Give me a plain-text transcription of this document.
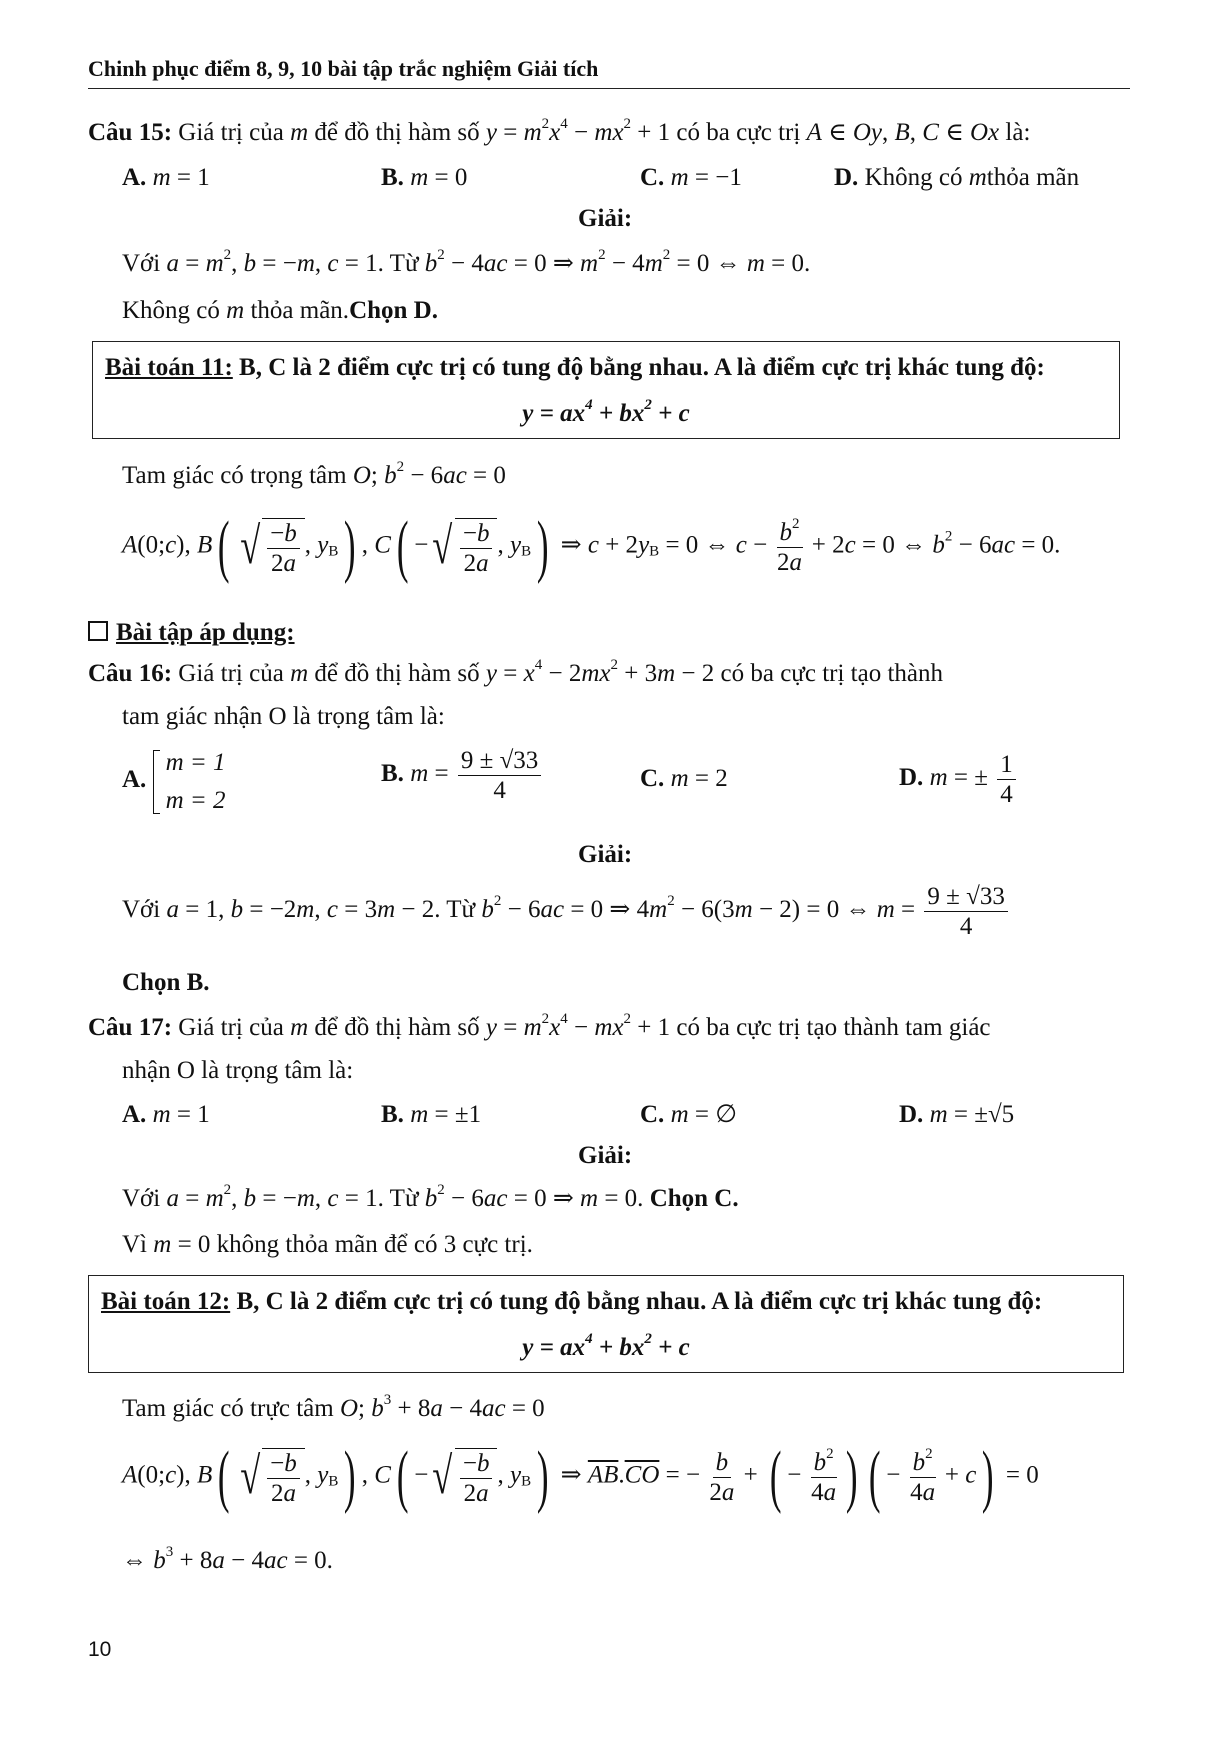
Chinh phục điểm 8, 9, 10 bài tập trắc nghiệm Giải tích
Câu 15: Giá trị của m để đồ thị hàm số $y = m^2x^4 - mx^2 + 1$ có ba cực trị A ∈ Oy, B, C ∈ Ox là:
A. m = 1	B. m = 0	C. m = −1	D. Không có mthỏa mãn
Giải:
Với $a = m^2$, b = −m, c = 1. Từ $b^2 - 4ac = 0$ ⇒ $m^2 - 4m^2 = 0$ ⇔ m = 0.
Không có m thỏa mãn.Chọn D.
Bài toán 11: B, C là 2 điểm cực trị có tung độ bằng nhau. A là điểm cực trị khác tung độ:
$y = ax^4 + bx^2 + c$
Tam giác có trọng tâm O; $b^2 - 6ac = 0$
A(0;c), B( √ $\frac{-b}{2a}$ , $y_B$) , C( − √ $\frac{-b}{2a}$ , $y_B$) ⇒ $c + 2y_B = 0$ ⇔ $c - \frac{b^2}{2a} + 2c = 0$ ⇔ $b^2 - 6ac = 0$.
Bài tập áp dụng:
Câu 16: Giá trị của m để đồ thị hàm số $y = x^4 - 2mx^2 + 3m - 2$ có ba cực trị tạo thành
tam giác nhận O là trọng tâm là:
A.
m = 1
m = 2
B. $m = \frac{9 \pm √33}{4}$	C. m = 2	D. m = ± $\frac{1}{4}$
Giải:
Với a = 1, b = −2m, c = 3m − 2. Từ $b^2 - 6ac = 0$ ⇒ $4m^2 - 6(3m - 2) = 0$ ⇔ $m = \frac{9 \pm √33}{4}$
Chọn B.
Câu 17: Giá trị của m để đồ thị hàm số $y = m^2x^4 - mx^2 + 1$ có ba cực trị tạo thành tam giác
nhận O là trọng tâm là:
A. m = 1	B. m = ±1	C. m = ∅	D. m = ±√5
Giải:
Với $a = m^2$, b = −m, c = 1. Từ $b^2 - 6ac = 0$ ⇒ m = 0. Chọn C.
Vì m = 0 không thỏa mãn để có 3 cực trị.
Bài toán 12: B, C là 2 điểm cực trị có tung độ bằng nhau. A là điểm cực trị khác tung độ:
$y = ax^4 + bx^2 + c$
Tam giác có trực tâm O; $b^3 + 8a - 4ac = 0$
A(0;c), B( √ $\frac{-b}{2a}$ , $y_B$) , C( − √ $\frac{-b}{2a}$ , $y_B$) ⇒ $\overline{AB}.\overline{CO}$ = − $\frac{b}{2a}$ + ( − $\frac{b^2}{4a}$ ) ( − $\frac{b^2}{4a} + c) = 0$
⇔ $b^3 + 8a - 4ac = 0$.
10
